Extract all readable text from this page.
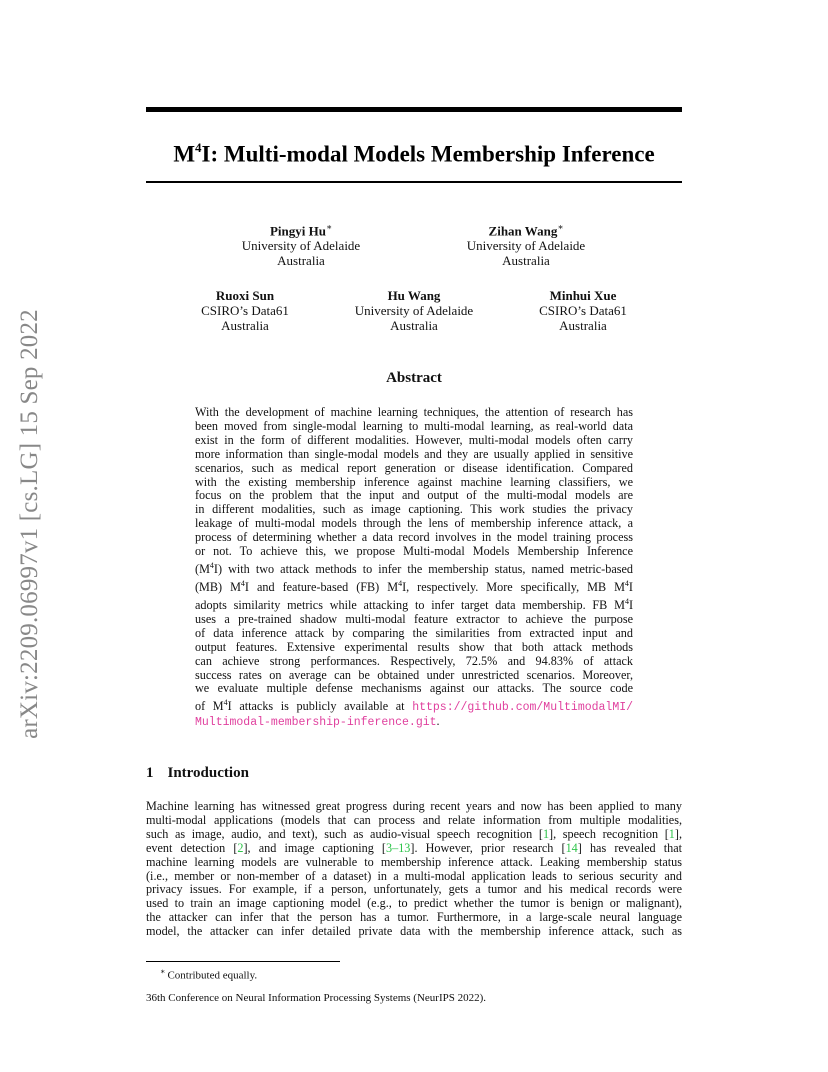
arXiv:2209.06997v1 [cs.LG] 15 Sep 2022
$M^4I$: Multi-modal Models Membership Inference
Pingyi Hu∗
University of Adelaide
Australia
Zihan Wang∗
University of Adelaide
Australia
Ruoxi Sun
CSIRO’s Data61
Australia
Hu Wang
University of Adelaide
Australia
Minhui Xue
CSIRO’s Data61
Australia
Abstract
With the development of machine learning techniques, the attention of research has
been moved from single-modal learning to multi-modal learning, as real-world data
exist in the form of different modalities. However, multi-modal models often carry
more information than single-modal models and they are usually applied in sensitive
scenarios, such as medical report generation or disease identification. Compared
with the existing membership inference against machine learning classifiers, we
focus on the problem that the input and output of the multi-modal models are
in different modalities, such as image captioning. This work studies the privacy
leakage of multi-modal models through the lens of membership inference attack, a
process of determining whether a data record involves in the model training process
or not. To achieve this, we propose Multi-modal Models Membership Inference
$(M^4I)$ with two attack methods to infer the membership status, named metric-based
(MB) $M^4I$ and feature-based (FB) $M^4I$, respectively. More specifically, MB $M^4I$
adopts similarity metrics while attacking to infer target data membership. FB $M^4I$
uses a pre-trained shadow multi-modal feature extractor to achieve the purpose
of data inference attack by comparing the similarities from extracted input and
output features. Extensive experimental results show that both attack methods
can achieve strong performances. Respectively, 72.5% and 94.83% of attack
success rates on average can be obtained under unrestricted scenarios. Moreover,
we evaluate multiple defense mechanisms against our attacks. The source code
of $M^4I$ attacks is publicly available at https://github.com/MultimodalMI/
Multimodal-membership-inference.git.
1 Introduction
Machine learning has witnessed great progress during recent years and now has been applied to many
multi-modal applications (models that can process and relate information from multiple modalities,
such as image, audio, and text), such as audio-visual speech recognition [1], speech recognition [1],
event detection [2], and image captioning [3–13]. However, prior research [14] has revealed that
machine learning models are vulnerable to membership inference attack. Leaking membership status
(i.e., member or non-member of a dataset) in a multi-modal application leads to serious security and
privacy issues. For example, if a person, unfortunately, gets a tumor and his medical records were
used to train an image captioning model (e.g., to predict whether the tumor is benign or malignant),
the attacker can infer that the person has a tumor. Furthermore, in a large-scale neural language
model, the attacker can infer detailed private data with the membership inference attack, such as
∗ Contributed equally.
36th Conference on Neural Information Processing Systems (NeurIPS 2022).
